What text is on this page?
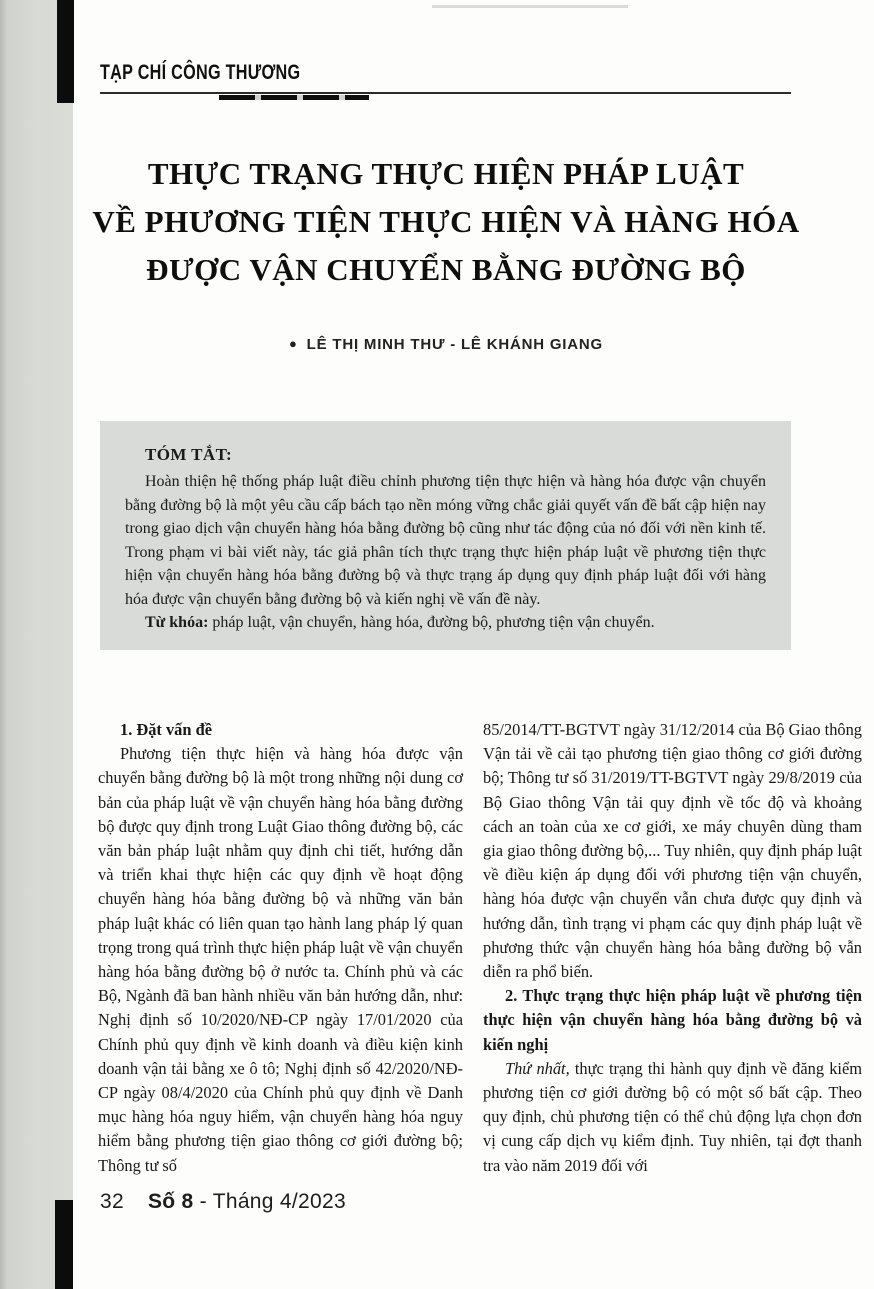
TẠP CHÍ CÔNG THƯƠNG
THỰC TRẠNG THỰC HIỆN PHÁP LUẬT
VỀ PHƯƠNG TIỆN THỰC HIỆN VÀ HÀNG HÓA
ĐƯỢC VẬN CHUYỂN BẰNG ĐƯỜNG BỘ
● LÊ THỊ MINH THƯ - LÊ KHÁNH GIANG
TÓM TẮT:

Hoàn thiện hệ thống pháp luật điều chỉnh phương tiện thực hiện và hàng hóa được vận chuyển bằng đường bộ là một yêu cầu cấp bách tạo nền móng vững chắc giải quyết vấn đề bất cập hiện nay trong giao dịch vận chuyển hàng hóa bằng đường bộ cũng như tác động của nó đối với nền kinh tế. Trong phạm vi bài viết này, tác giả phân tích thực trạng thực hiện pháp luật về phương tiện thực hiện vận chuyển hàng hóa bằng đường bộ và thực trạng áp dụng quy định pháp luật đối với hàng hóa được vận chuyển bằng đường bộ và kiến nghị về vấn đề này.

Từ khóa: pháp luật, vận chuyển, hàng hóa, đường bộ, phương tiện vận chuyển.

1. Đặt vấn đề

Phương tiện thực hiện và hàng hóa được vận chuyển bằng đường bộ là một trong những nội dung cơ bản của pháp luật về vận chuyển hàng hóa bằng đường bộ được quy định trong Luật Giao thông đường bộ, các văn bản pháp luật nhằm quy định chi tiết, hướng dẫn và triển khai thực hiện các quy định về hoạt động chuyển hàng hóa bằng đường bộ và những văn bản pháp luật khác có liên quan tạo hành lang pháp lý quan trọng trong quá trình thực hiện pháp luật về vận chuyển hàng hóa bằng đường bộ ở nước ta. Chính phủ và các Bộ, Ngành đã ban hành nhiều văn bản hướng dẫn, như: Nghị định số 10/2020/NĐ-CP ngày 17/01/2020 của Chính phủ quy định về kinh doanh và điều kiện kinh doanh vận tải bằng xe ô tô; Nghị định số 42/2020/NĐ-CP ngày 08/4/2020 của Chính phủ quy định về Danh mục hàng hóa nguy hiểm, vận chuyển hàng hóa nguy hiểm bằng phương tiện giao thông cơ giới đường bộ; Thông tư số

85/2014/TT-BGTVT ngày 31/12/2014 của Bộ Giao thông Vận tải về cải tạo phương tiện giao thông cơ giới đường bộ; Thông tư số 31/2019/TT-BGTVT ngày 29/8/2019 của Bộ Giao thông Vận tải quy định về tốc độ và khoảng cách an toàn của xe cơ giới, xe máy chuyên dùng tham gia giao thông đường bộ,... Tuy nhiên, quy định pháp luật về điều kiện áp dụng đối với phương tiện vận chuyển, hàng hóa được vận chuyển vẫn chưa được quy định và hướng dẫn, tình trạng vi phạm các quy định pháp luật về phương thức vận chuyển hàng hóa bằng đường bộ vẫn diễn ra phổ biến.

2. Thực trạng thực hiện pháp luật về phương tiện thực hiện vận chuyển hàng hóa bằng đường bộ và kiến nghị

Thứ nhất, thực trạng thi hành quy định về đăng kiểm phương tiện cơ giới đường bộ có một số bất cập. Theo quy định, chủ phương tiện có thể chủ động lựa chọn đơn vị cung cấp dịch vụ kiểm định. Tuy nhiên, tại đợt thanh tra vào năm 2019 đối với

32 Số 8 - Tháng 4/2023
